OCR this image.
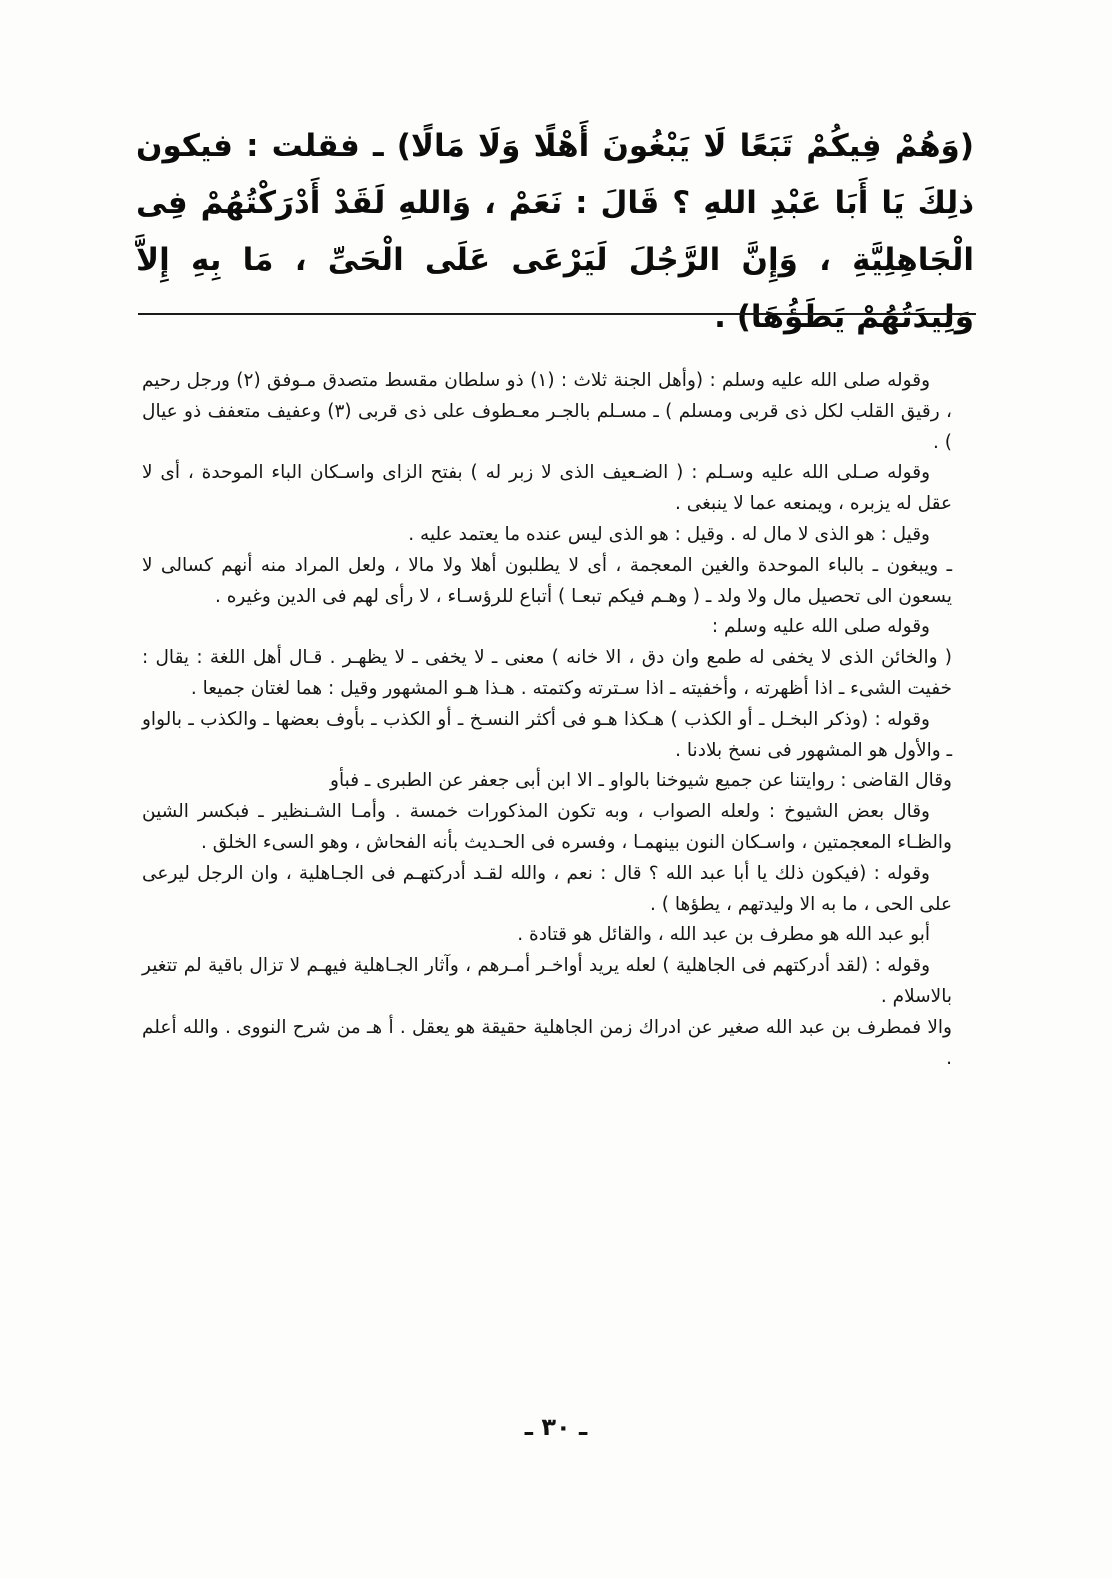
(وَهُمْ فِيكُمْ تَبَعًا لَا يَبْغُونَ أَهْلًا وَلَا مَالًا) ـ فقلت : فيكون ذلِكَ يَا أَبَا عَبْدِ اللهِ ؟ قَالَ : نَعَمْ ، وَاللهِ لَقَدْ أَدْرَكْتُهُمْ فِى الْجَاهِلِيَّةِ ، وَإِنَّ الرَّجُلَ لَيَرْعَى عَلَى الْحَىِّ ، مَا بِهِ إِلاَّ وَلِيدَتُهُمْ يَطَؤُهَا) .

وقوله صلى الله عليه وسلم : (وأهل الجنة ثلاث : (١) ذو سلطان مقسط متصدق مـوفق (٢) ورجل رحيم ، رقيق القلب لكل ذى قربى ومسلم ) ـ مسـلم بالجـر معـطوف على ذى قربى (٣) وعفيف متعفف ذو عيال ) .

وقوله صـلى الله عليه وسـلم : ( الضـعيف الذى لا زبر له ) بفتح الزاى واسـكان الباء الموحدة ، أى لا عقل له يزبره ، ويمنعه عما لا ينبغى .

وقيل : هو الذى لا مال له . وقيل : هو الذى ليس عنده ما يعتمد عليه .

ـ ويبغون ـ بالباء الموحدة والغين المعجمة ، أى لا يطلبون أهلا ولا مالا ، ولعل المراد منه أنهم كسالى لا يسعون الى تحصيل مال ولا ولد ـ ( وهـم فيكم تبعـا ) أتباع للرؤسـاء ، لا رأى لهم فى الدين وغيره .

وقوله صلى الله عليه وسلم :

( والخائن الذى لا يخفى له طمع وان دق ، الا خانه ) معنى ـ لا يخفى ـ لا يظهـر . قـال أهل اللغة : يقال : خفيت الشىء ـ اذا أظهرته ، وأخفيته ـ اذا سـترته وكتمته . هـذا هـو المشهور وقيل : هما لغتان جميعا .

وقوله : (وذكر البخـل ـ أو الكذب ) هـكذا هـو فى أكثر النسـخ ـ أو الكذب ـ بأوف بعضها ـ والكذب ـ بالواو ـ والأول هو المشهور فى نسخ بلادنا .

وقال القاضى : روايتنا عن جميع شيوخنا بالواو ـ الا ابن أبى جعفر عن الطبرى ـ فبأو

وقال بعض الشيوخ : ولعله الصواب ، وبه تكون المذكورات خمسة . وأمـا الشـنظير ـ فبكسر الشين والظـاء المعجمتين ، واسـكان النون بينهمـا ، وفسره فى الحـديث بأنه الفحاش ، وهو السىء الخلق .

وقوله : (فيكون ذلك يا أبا عبد الله ؟ قال : نعم ، والله لقـد أدركتهـم فى الجـاهلية ، وان الرجل ليرعى على الحى ، ما به الا وليدتهم ، يطؤها ) .

أبو عبد الله هو مطرف بن عبد الله ، والقائل هو قتادة .

وقوله : (لقد أدركتهم فى الجاهلية ) لعله يريد أواخـر أمـرهم ، وآثار الجـاهلية فيهـم لا تزال باقية لم تتغير بالاسلام .

والا فمطرف بن عبد الله صغير عن ادراك زمن الجاهلية حقيقة هو يعقل . أ هـ من شرح النووى . والله أعلم .

ـ ٣٠ ـ
